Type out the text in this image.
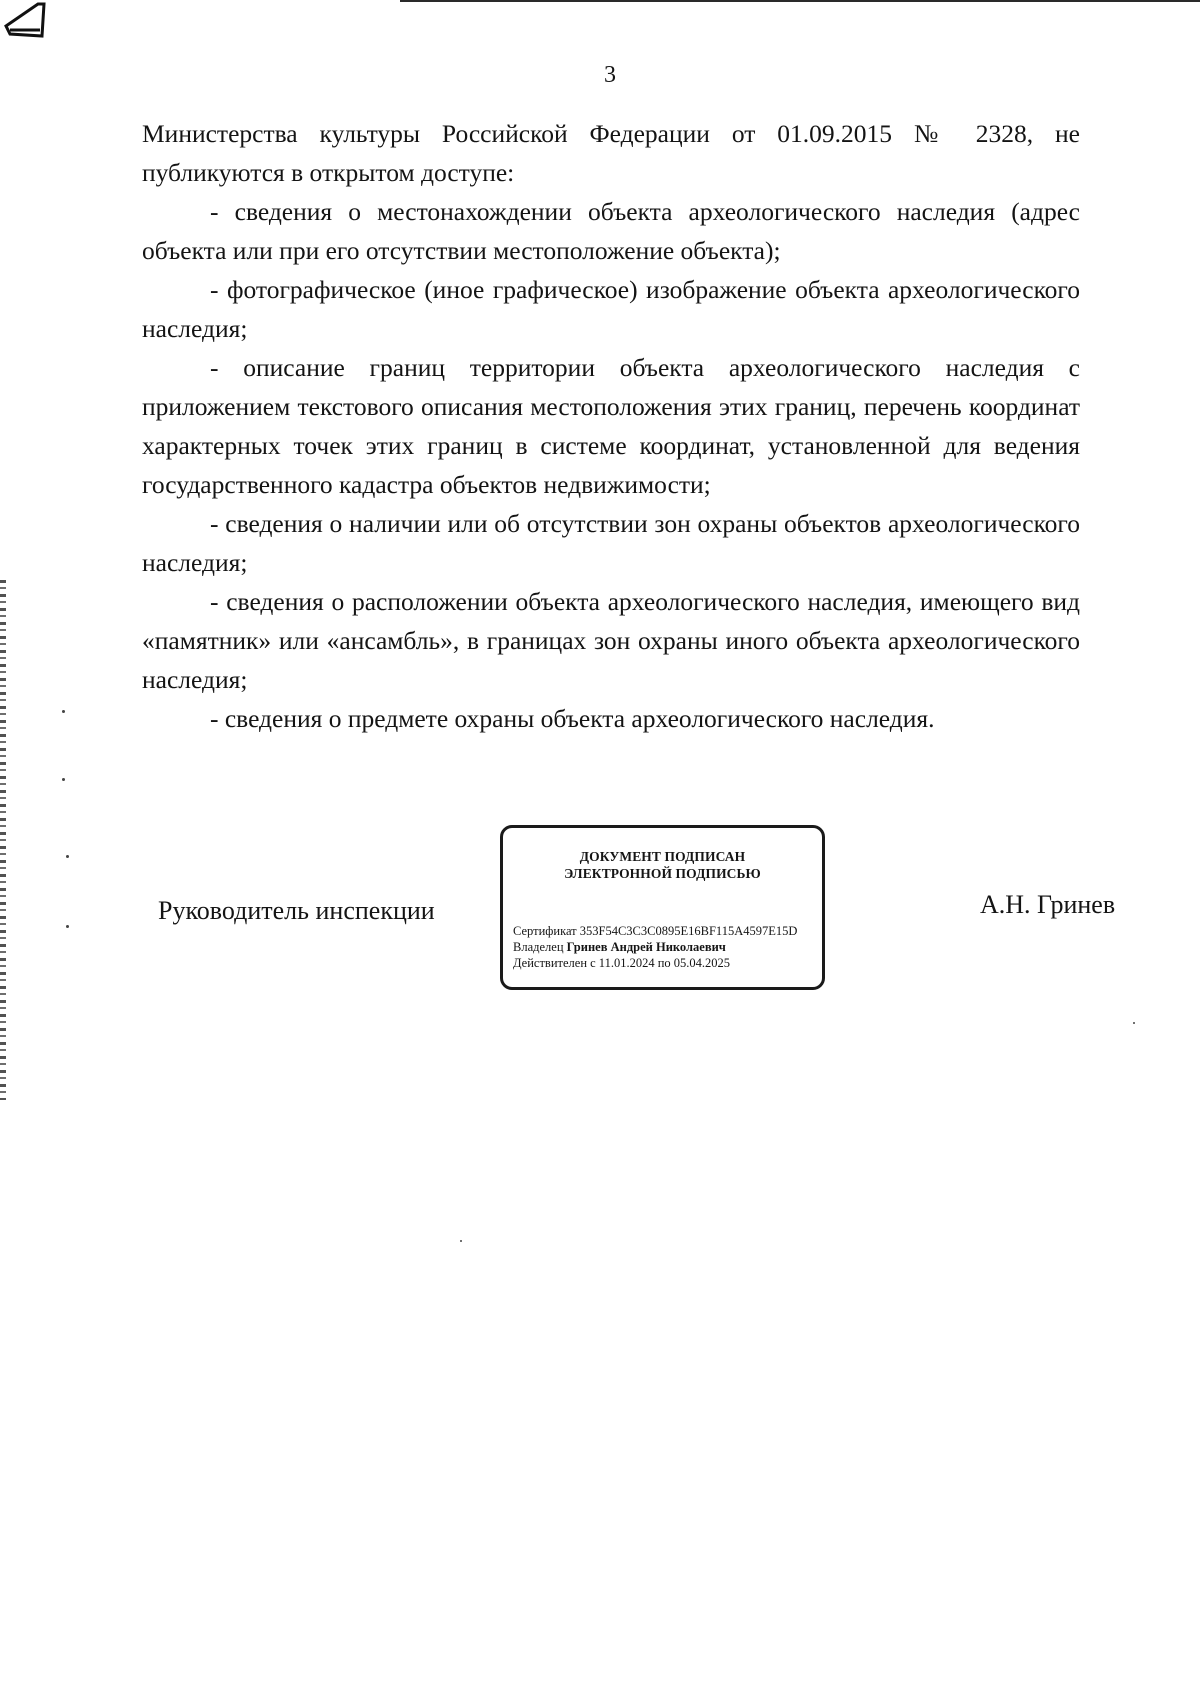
3

Министерства культуры Российской Федерации от 01.09.2015 № 2328, не публикуются в открытом доступе:

- сведения о местонахождении объекта археологического наследия (адрес объекта или при его отсутствии местоположение объекта);

- фотографическое (иное графическое) изображение объекта археологического наследия;

- описание границ территории объекта археологического наследия с приложением текстового описания местоположения этих границ, перечень координат характерных точек этих границ в системе координат, установленной для ведения государственного кадастра объектов недвижимости;

- сведения о наличии или об отсутствии зон охраны объектов археологического наследия;

- сведения о расположении объекта археологического наследия, имеющего вид «памятник» или «ансамбль», в границах зон охраны иного объекта археологического наследия;

- сведения о предмете охраны объекта археологического наследия.

Руководитель инспекции
ДОКУМЕНТ ПОДПИСАН
ЭЛЕКТРОННОЙ ПОДПИСЬЮ
Сертификат 353F54C3C3C0895E16BF115A4597E15D
Владелец Гринев Андрей Николаевич
Действителен с 11.01.2024 по 05.04.2025
А.Н. Гринев
